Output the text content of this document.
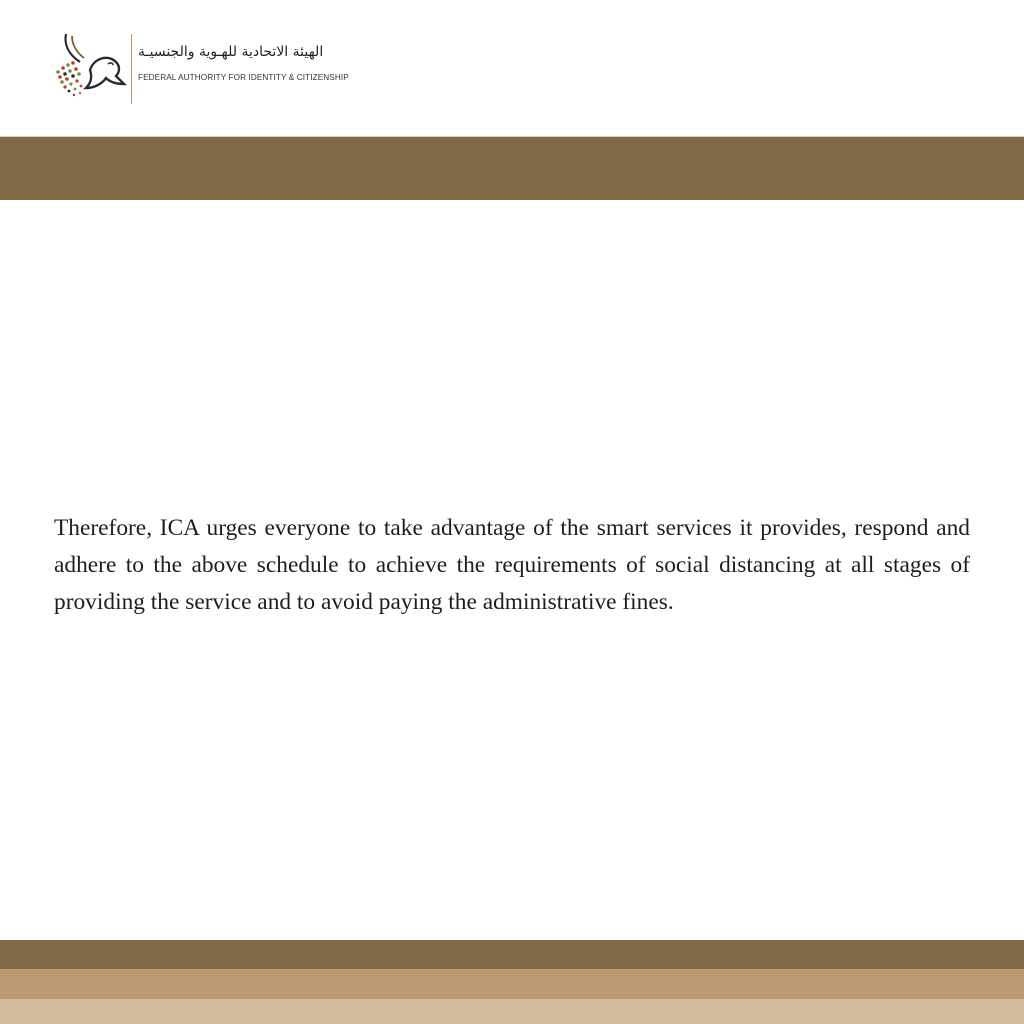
الهيئة الاتحادية للهـوية والجنسيـة
FEDERAL AUTHORITY FOR IDENTITY & CITIZENSHIP

Therefore, ICA urges everyone to take advantage of the smart services it provides, respond and adhere to the above schedule to achieve the requirements of social distancing at all stages of providing the service and to avoid paying the administrative fines.
